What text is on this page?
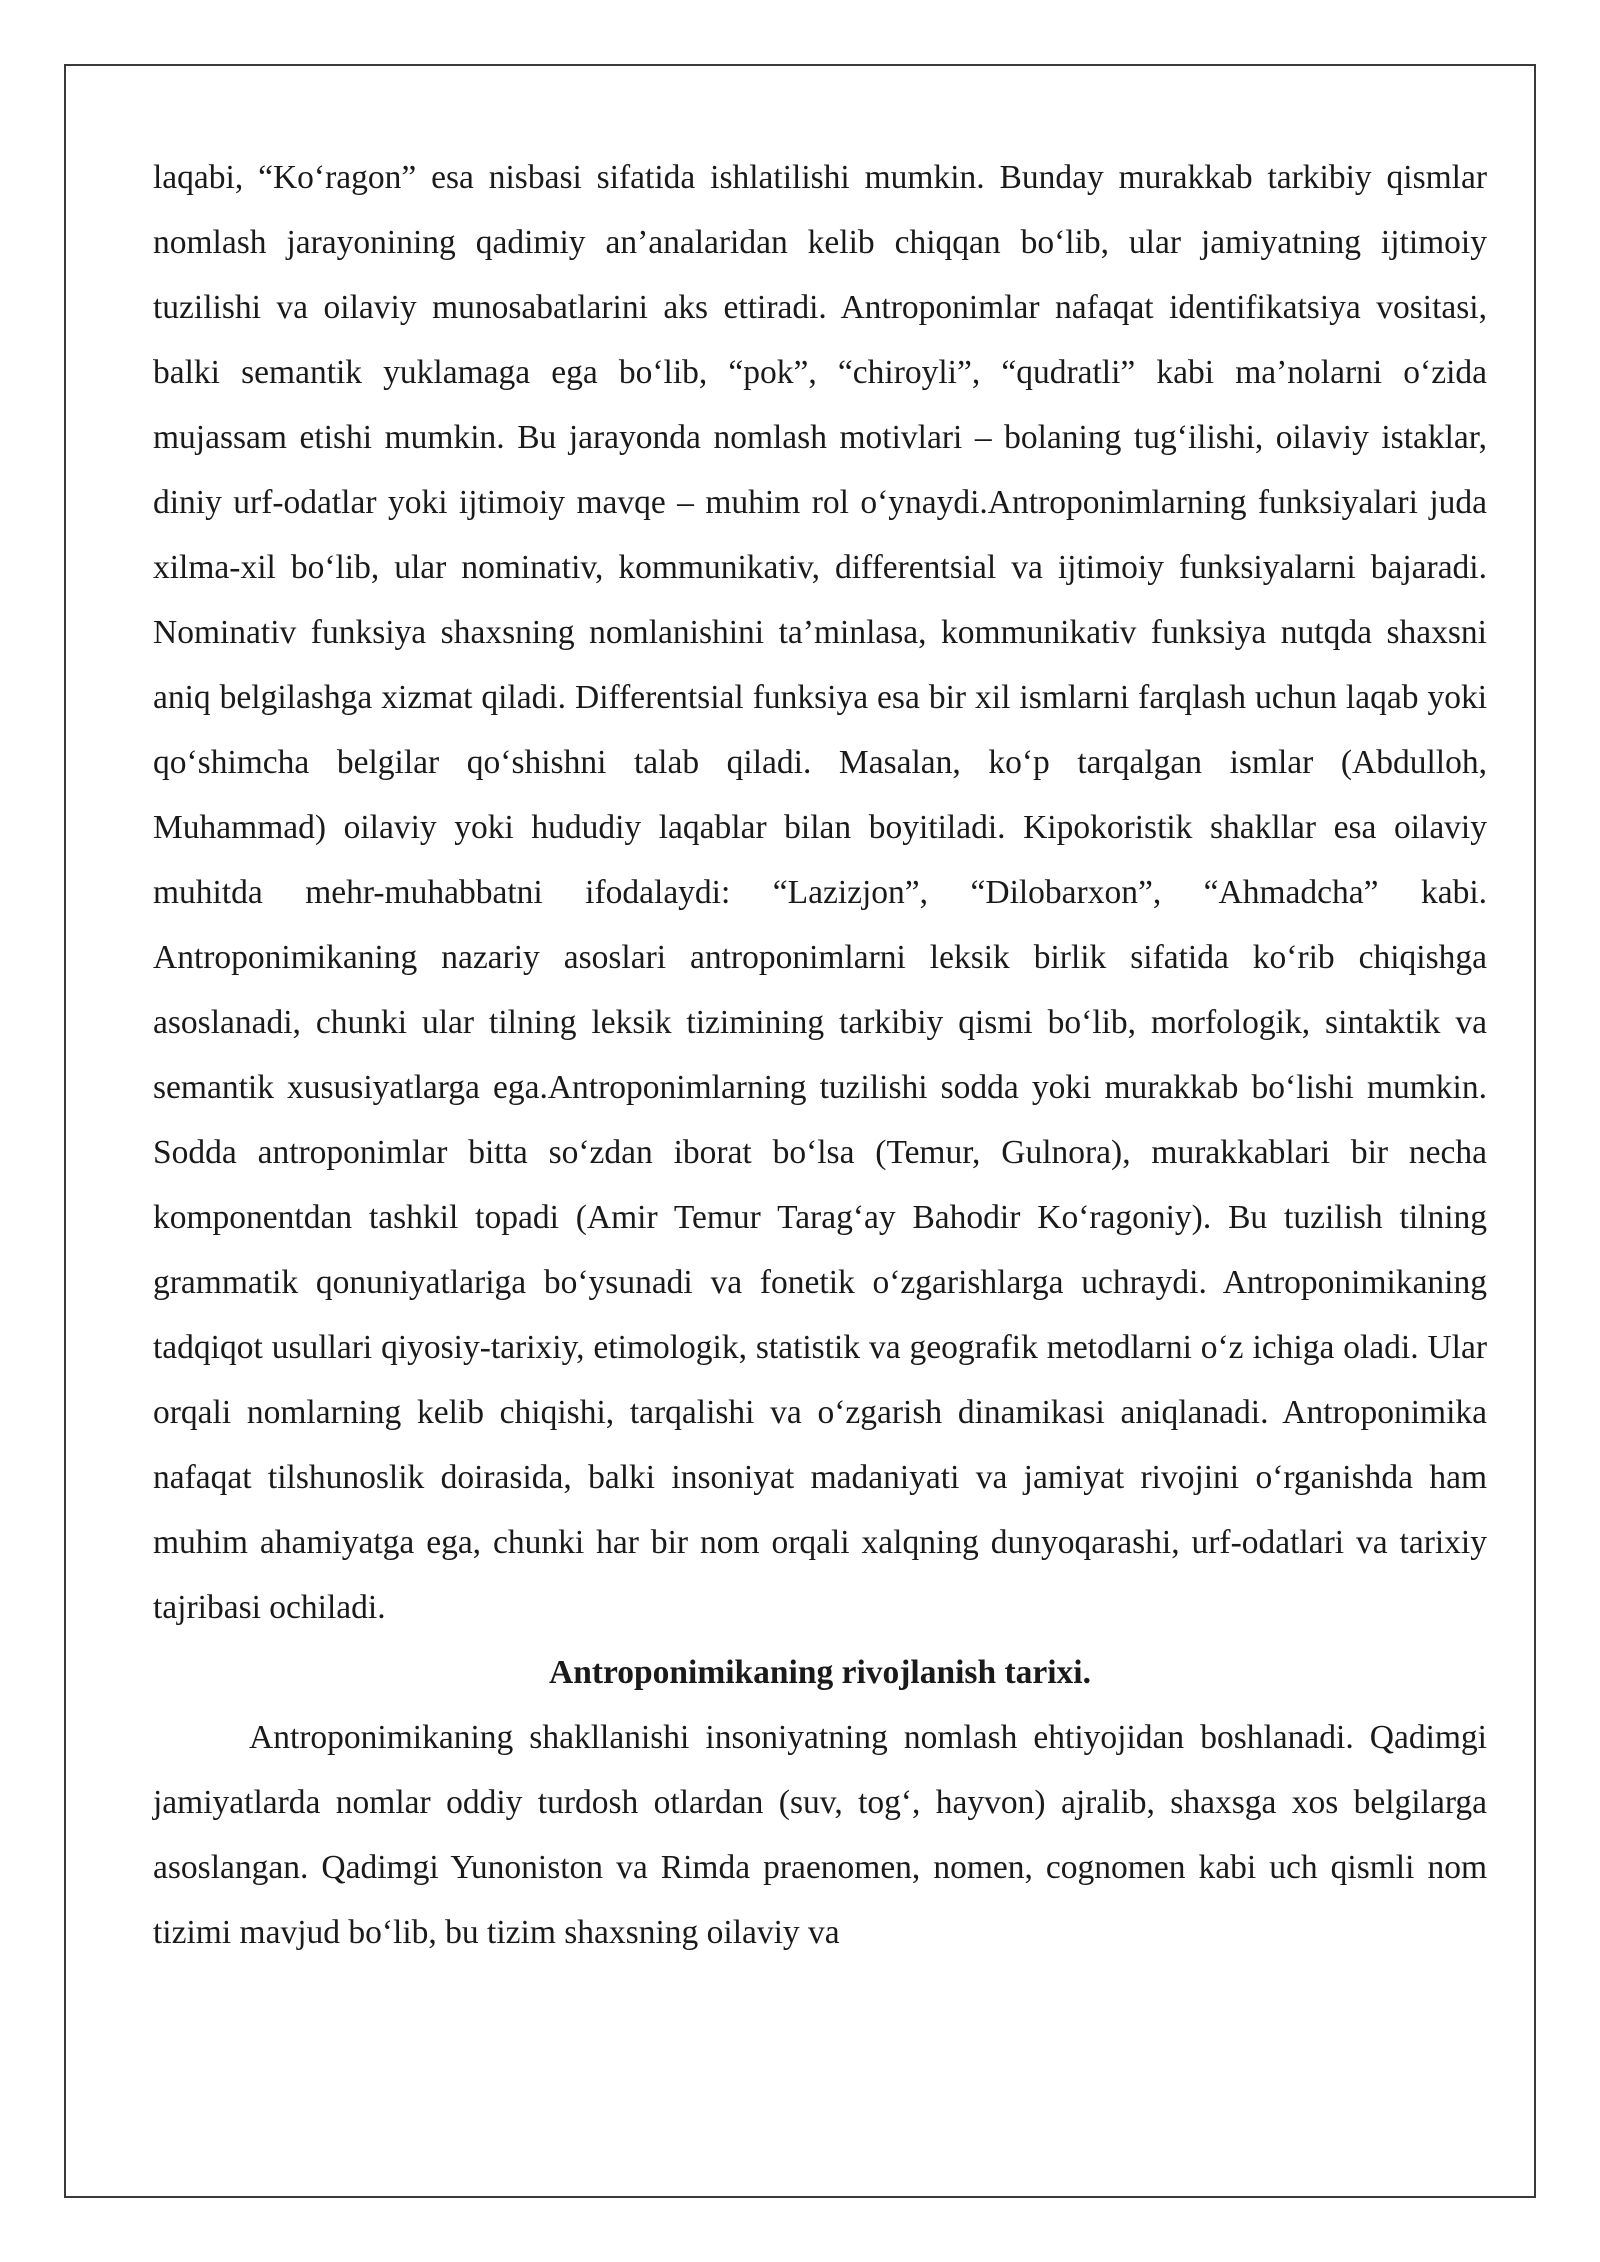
laqabi, “Ko‘ragon” esa nisbasi sifatida ishlatilishi mumkin. Bunday murakkab tarkibiy qismlar nomlash jarayonining qadimiy an’analaridan kelib chiqqan bo‘lib, ular jamiyatning ijtimoiy tuzilishi va oilaviy munosabatlarini aks ettiradi. Antroponimlar nafaqat identifikatsiya vositasi, balki semantik yuklamaga ega bo‘lib, “pok”, “chiroyli”, “qudratli” kabi ma’nolarni o‘zida mujassam etishi mumkin. Bu jarayonda nomlash motivlari – bolaning tug‘ilishi, oilaviy istaklar, diniy urf-odatlar yoki ijtimoiy mavqe – muhim rol o‘ynaydi.Antroponimlarning funksiyalari juda xilma-xil bo‘lib, ular nominativ, kommunikativ, differentsial va ijtimoiy funksiyalarni bajaradi. Nominativ funksiya shaxsning nomlanishini ta’minlasa, kommunikativ funksiya nutqda shaxsni aniq belgilashga xizmat qiladi. Differentsial funksiya esa bir xil ismlarni farqlash uchun laqab yoki qo‘shimcha belgilar qo‘shishni talab qiladi. Masalan, ko‘p tarqalgan ismlar (Abdulloh, Muhammad) oilaviy yoki hududiy laqablar bilan boyitiladi. Kipokoristik shakllar esa oilaviy muhitda mehr-muhabbatni ifodalaydi: “Lazizjon”, “Dilobarxon”, “Ahmadcha” kabi. Antroponimikaning nazariy asoslari antroponimlarni leksik birlik sifatida ko‘rib chiqishga asoslanadi, chunki ular tilning leksik tizimining tarkibiy qismi bo‘lib, morfologik, sintaktik va semantik xususiyatlarga ega.Antroponimlarning tuzilishi sodda yoki murakkab bo‘lishi mumkin. Sodda antroponimlar bitta so‘zdan iborat bo‘lsa (Temur, Gulnora), murakkablari bir necha komponentdan tashkil topadi (Amir Temur Tarag‘ay Bahodir Ko‘ragoniy). Bu tuzilish tilning grammatik qonuniyatlariga bo‘ysunadi va fonetik o‘zgarishlarga uchraydi. Antroponimikaning tadqiqot usullari qiyosiy-tarixiy, etimologik, statistik va geografik metodlarni o‘z ichiga oladi. Ular orqali nomlarning kelib chiqishi, tarqalishi va o‘zgarish dinamikasi aniqlanadi. Antroponimika nafaqat tilshunoslik doirasida, balki insoniyat madaniyati va jamiyat rivojini o‘rganishda ham muhim ahamiyatga ega, chunki har bir nom orqali xalqning dunyoqarashi, urf-odatlari va tarixiy tajribasi ochiladi.

Antroponimikaning rivojlanish tarixi.

Antroponimikaning shakllanishi insoniyatning nomlash ehtiyojidan boshlanadi. Qadimgi jamiyatlarda nomlar oddiy turdosh otlardan (suv, tog‘, hayvon) ajralib, shaxsga xos belgilarga asoslangan. Qadimgi Yunoniston va Rimda praenomen, nomen, cognomen kabi uch qismli nom tizimi mavjud bo‘lib, bu tizim shaxsning oilaviy va
